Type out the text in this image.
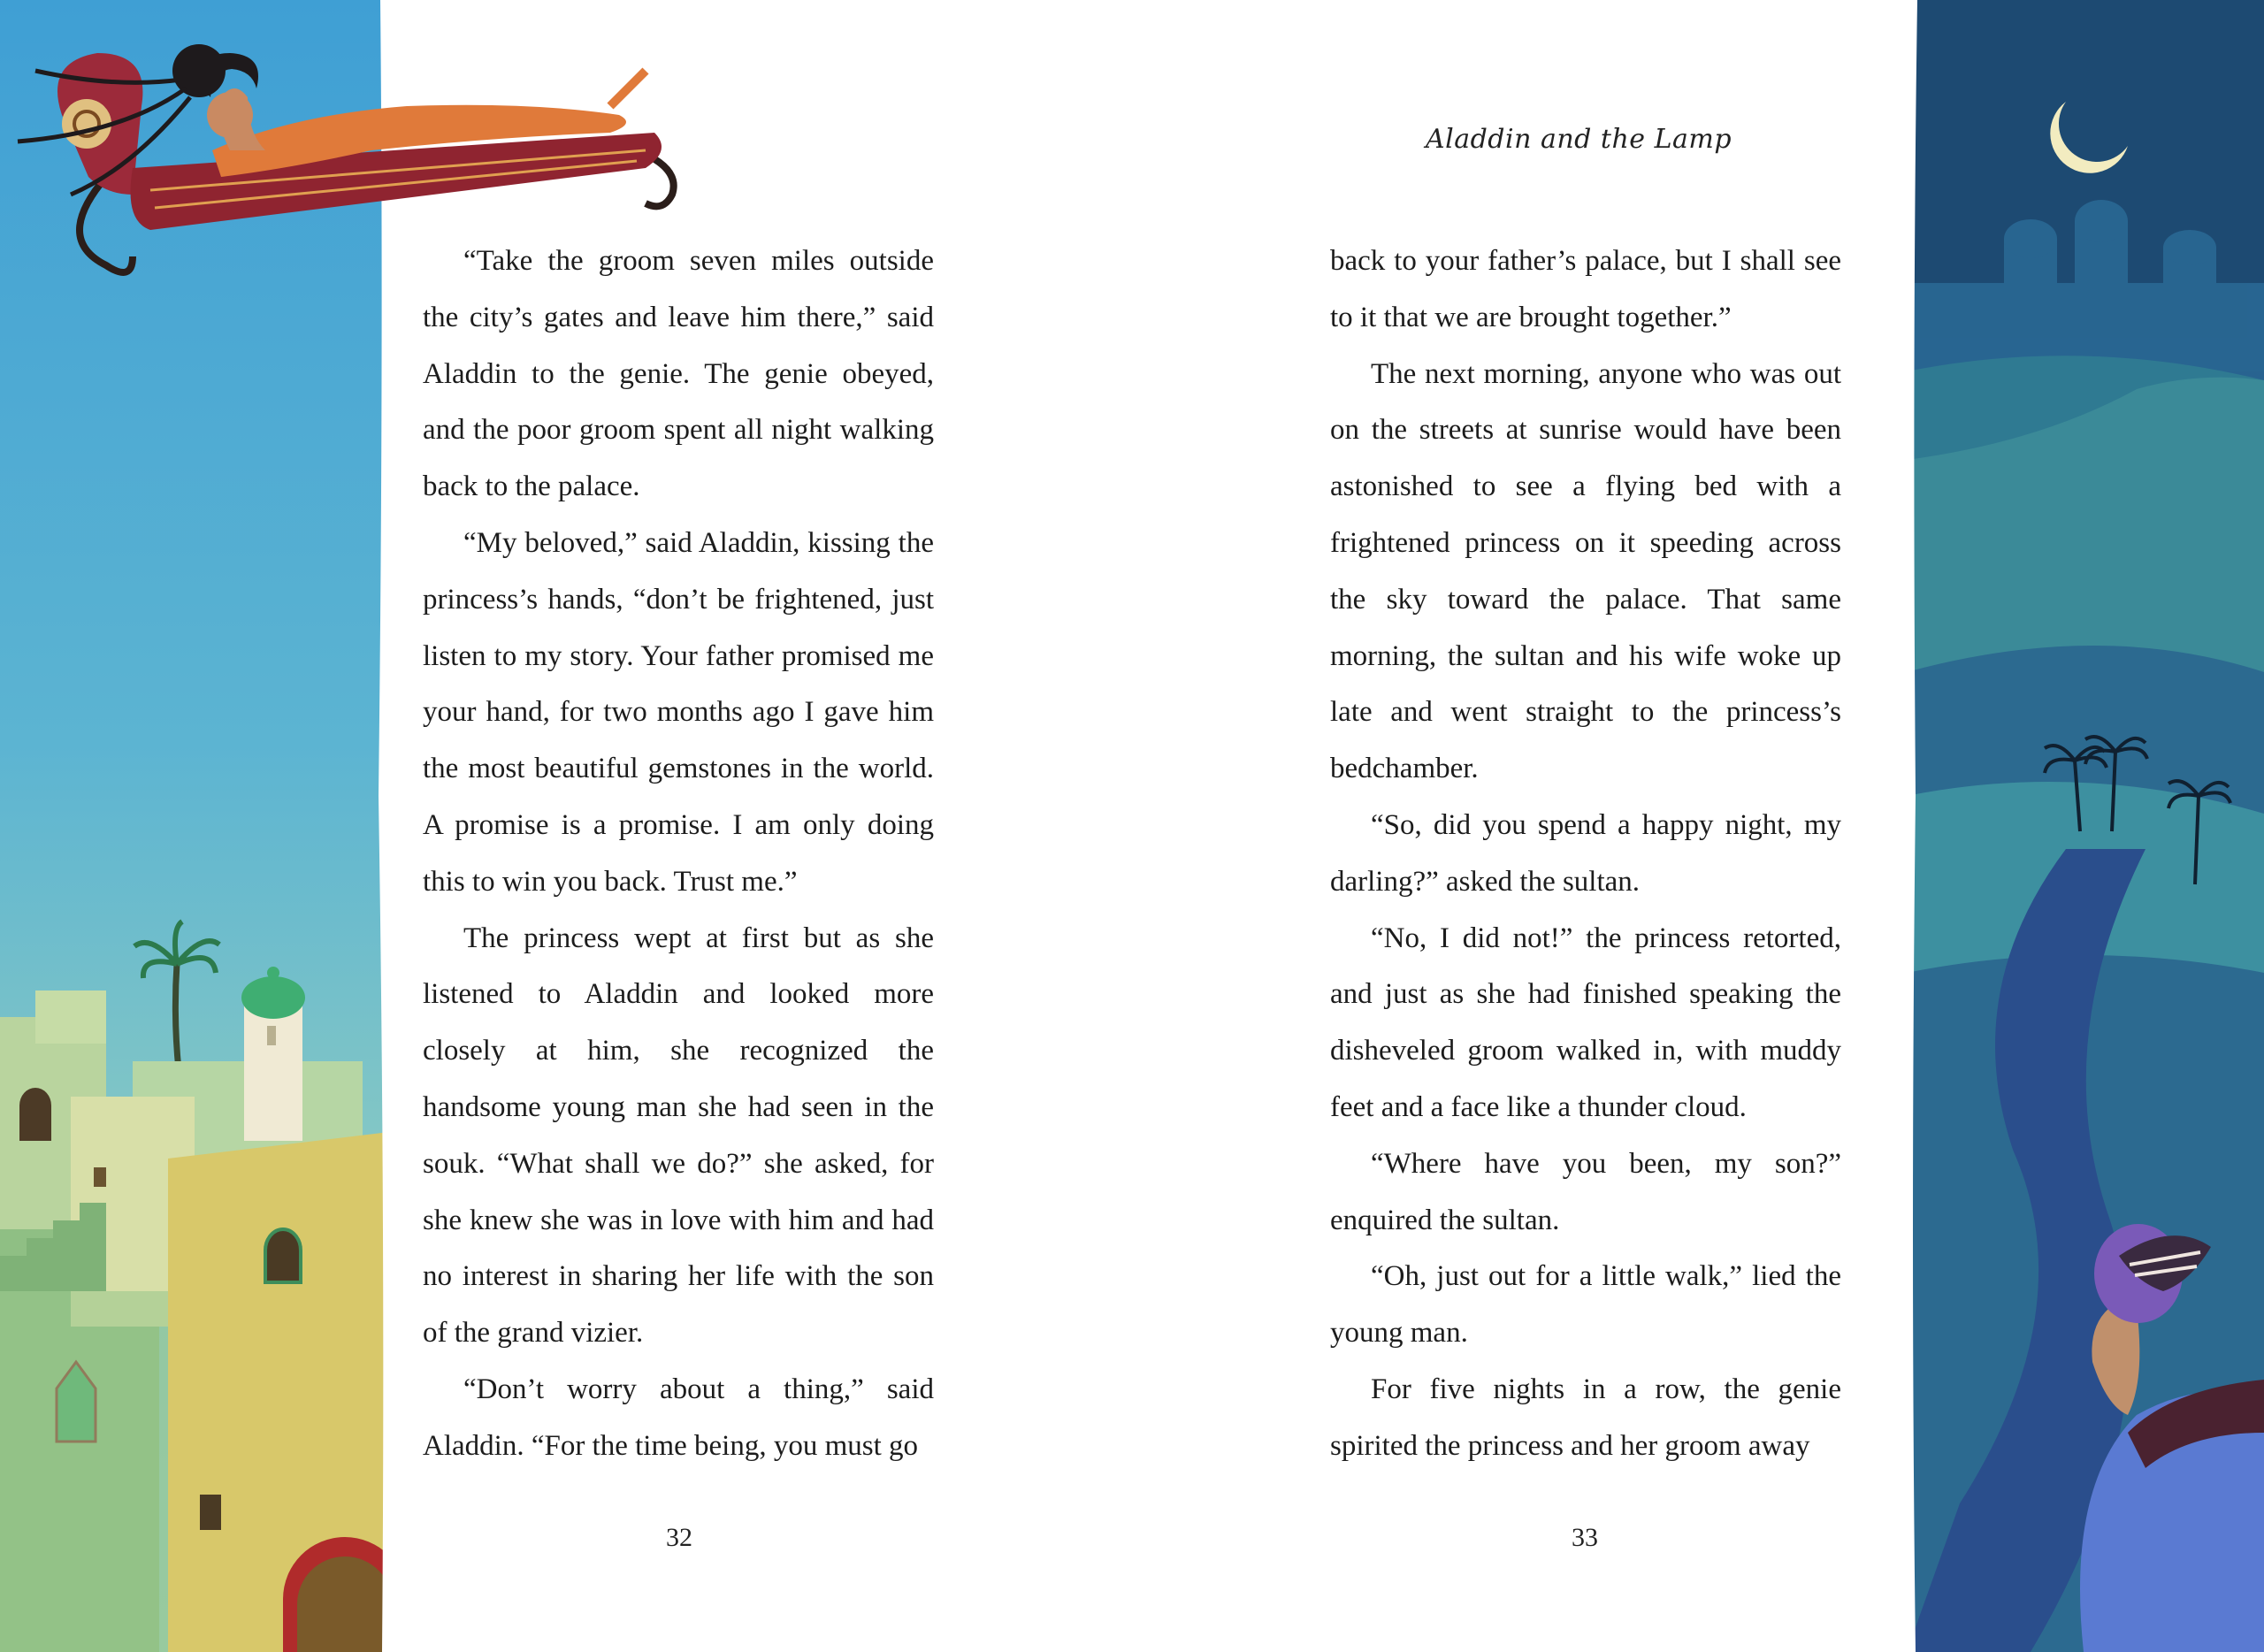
Aladdin and the Lamp

“Take the groom seven miles outside the city’s gates and leave him there,” said Aladdin to the genie. The genie obeyed, and the poor groom spent all night walking back to the palace.

“My beloved,” said Aladdin, kissing the princess’s hands, “don’t be frightened, just listen to my story. Your father promised me your hand, for two months ago I gave him the most beautiful gemstones in the world. A promise is a promise. I am only doing this to win you back. Trust me.”

The princess wept at first but as she listened to Aladdin and looked more closely at him, she recognized the handsome young man she had seen in the souk. “What shall we do?” she asked, for she knew she was in love with him and had no interest in sharing her life with the son of the grand vizier.

“Don’t worry about a thing,” said Aladdin. “For the time being, you must go

back to your father’s palace, but I shall see to it that we are brought together.”

The next morning, anyone who was out on the streets at sunrise would have been astonished to see a flying bed with a frightened princess on it speeding across the sky toward the palace. That same morning, the sultan and his wife woke up late and went straight to the princess’s bedchamber.

“So, did you spend a happy night, my darling?” asked the sultan.

“No, I did not!” the princess retorted, and just as she had finished speaking the disheveled groom walked in, with muddy feet and a face like a thunder cloud.

“Where have you been, my son?” enquired the sultan.

“Oh, just out for a little walk,” lied the young man.

For five nights in a row, the genie spirited the princess and her groom away

32	33
